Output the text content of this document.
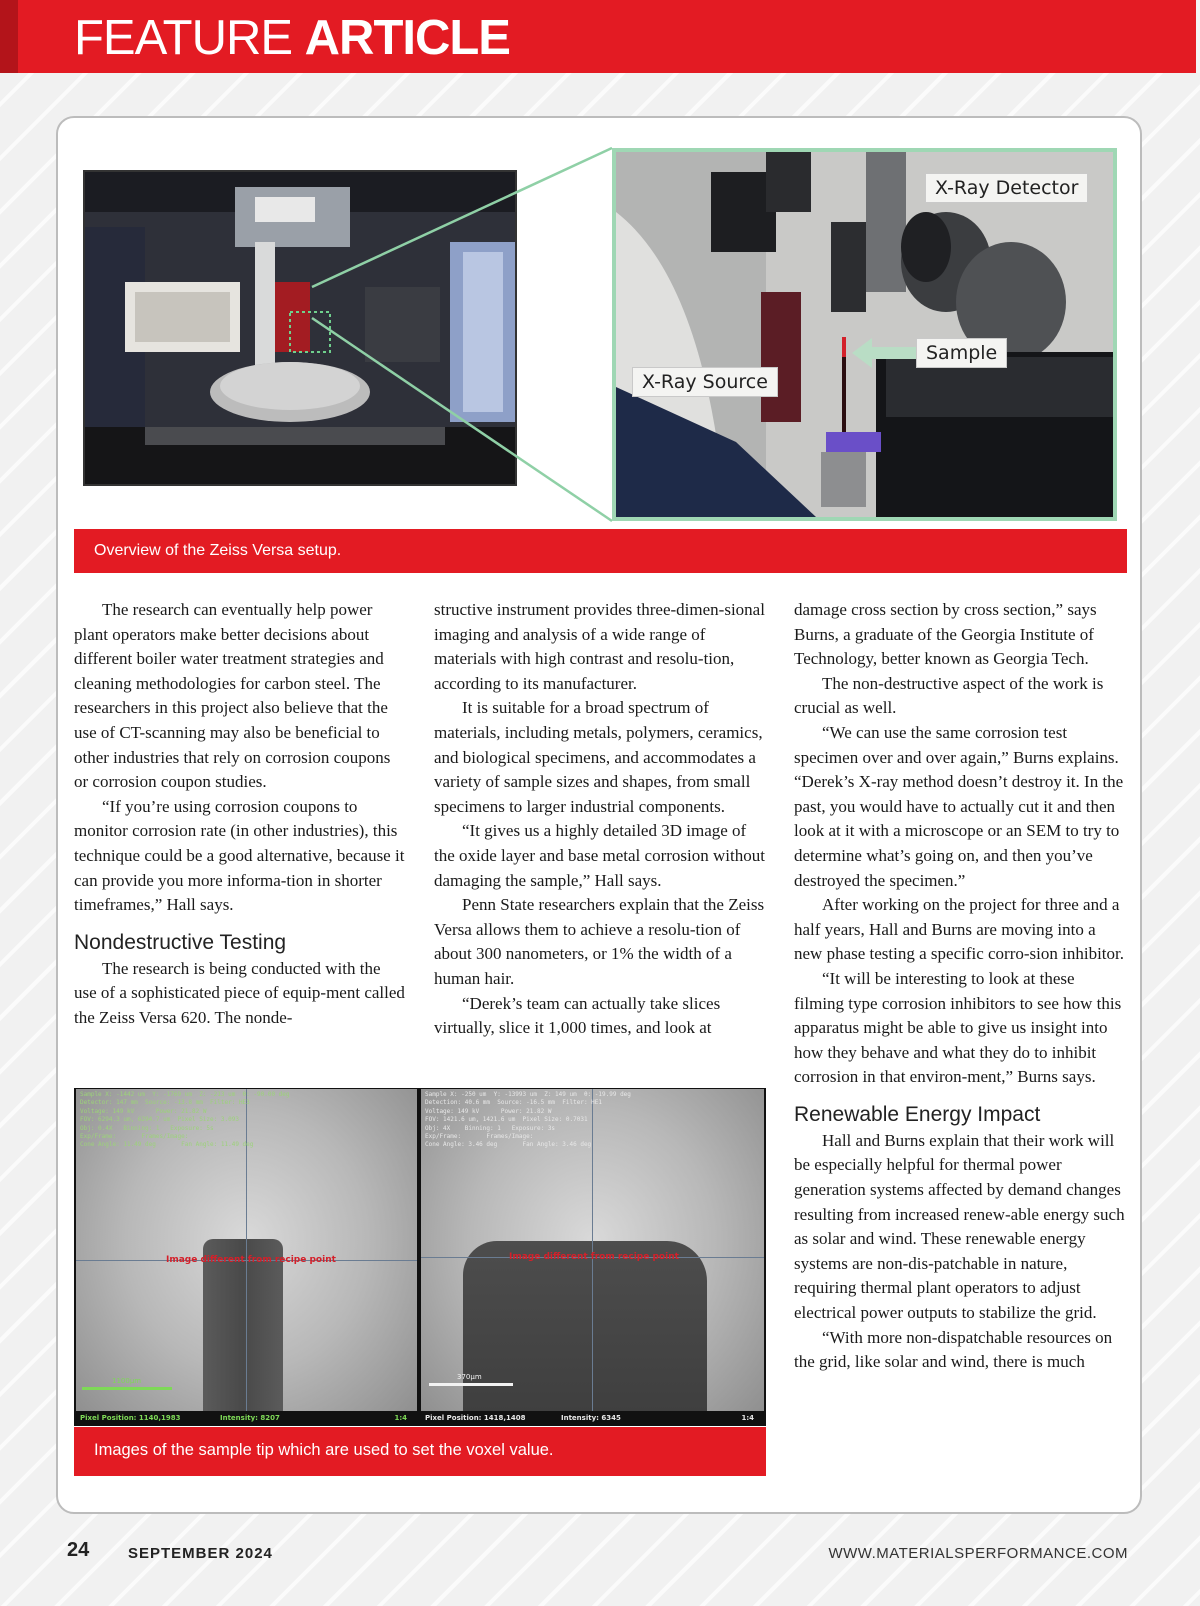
FEATURE ARTICLE
X-Ray Detector
Sample
X-Ray Source
Overview of the Zeiss Versa setup.

The research can eventually help power plant operators make better decisions about different boiler water treatment strategies and cleaning methodologies for carbon steel. The researchers in this project also believe that the use of CT-scanning may also be beneficial to other industries that rely on corrosion coupons or corrosion coupon studies.

“If you’re using corrosion coupons to monitor corrosion rate (in other industries), this technique could be a good alternative, because it can provide you more informa-tion in shorter timeframes,” Hall says.

Nondestructive Testing

The research is being conducted with the use of a sophisticated piece of equip-ment called the Zeiss Versa 620. The nonde-

structive instrument provides three-dimen-sional imaging and analysis of a wide range of materials with high contrast and resolu-tion, according to its manufacturer.

It is suitable for a broad spectrum of materials, including metals, polymers, ceramics, and biological specimens, and accommodates a variety of sample sizes and shapes, from small specimens to larger industrial components.

“It gives us a highly detailed 3D image of the oxide layer and base metal corrosion without damaging the sample,” Hall says.

Penn State researchers explain that the Zeiss Versa allows them to achieve a resolu-tion of about 300 nanometers, or 1% the width of a human hair.

“Derek’s team can actually take slices virtually, slice it 1,000 times, and look at

damage cross section by cross section,” says Burns, a graduate of the Georgia Institute of Technology, better known as Georgia Tech.

The non-destructive aspect of the work is crucial as well.

“We can use the same corrosion test specimen over and over again,” Burns explains. “Derek’s X-ray method doesn’t destroy it. In the past, you would have to actually cut it and then look at it with a microscope or an SEM to try to determine what’s going on, and then you’ve destroyed the specimen.”

After working on the project for three and a half years, Hall and Burns are moving into a new phase testing a specific corro-sion inhibitor.

“It will be interesting to look at these filming type corrosion inhibitors to see how this apparatus might be able to give us insight into how they behave and what they do to inhibit corrosion in that environ-ment,” Burns says.

Renewable Energy Impact

Hall and Burns explain that their work will be especially helpful for thermal power generation systems affected by demand changes resulting from increased renew-able energy such as solar and wind. These renewable energy systems are non-dis-patchable in nature, requiring thermal plant operators to adjust electrical power outputs to stabilize the grid.

“With more non-dispatchable resources on the grid, like solar and wind, there is much

Sample X: -1442 um  Y: -1769 um  Z: -213 um  θ: -90.00 deg
Detector: 147 mm  Source: -13.8 mm  Filter: HE3
Voltage: 149 kV      Power: 21.82 W
FOV: 6294.3 um, 6294.7 um  Pixel Size: 3.093
Obj: 0.4X   Binning: 1   Exposure: 5s
Exp/Frame:       Frames/Image:
Cone Angle: 11.49 deg       Fan Angle: 11.49 deg
Image different from recipe point
1100µm
Pixel Position: 1140,1983	Intensity: 8207	1:4
Sample X: -250 um  Y: -13993 um  Z: 149 um  θ: -19.99 deg
Detection: 40.6 mm  Source: -16.5 mm  Filter: HE1
Voltage: 149 kV      Power: 21.82 W
FOV: 1421.6 um, 1421.6 um  Pixel Size: 0.7031
Obj: 4X    Binning: 1   Exposure: 3s
Exp/Frame:       Frames/Image:
Cone Angle: 3.46 deg       Fan Angle: 3.46 deg
Image different from recipe point
370µm
Pixel Position: 1418,1408	Intensity: 6345	1:4
Images of the sample tip which are used to set the voxel value.
24	SEPTEMBER 2024	WWW.MATERIALSPERFORMANCE.COM
